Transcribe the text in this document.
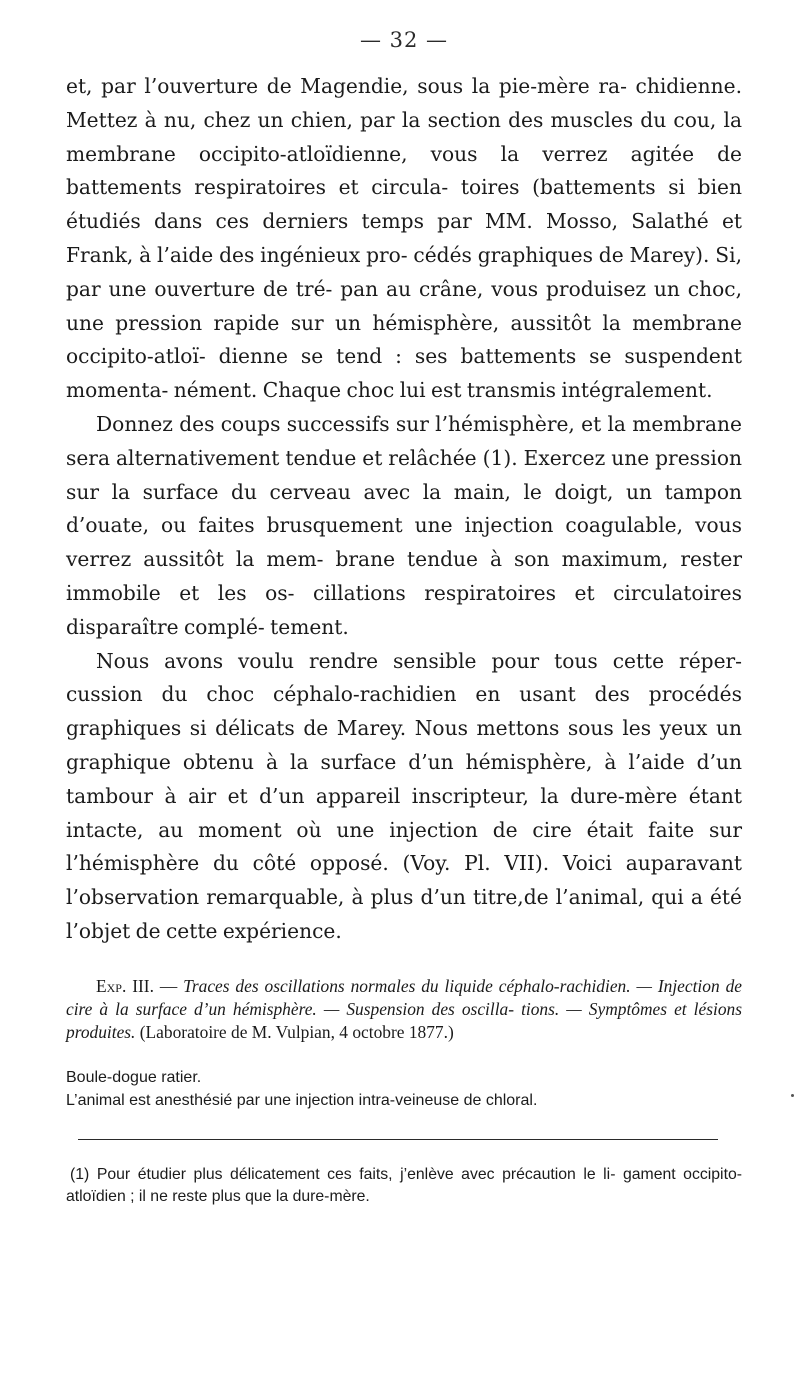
— 32 —

et, par l’ouverture de Magendie, sous la pie-mère ra- chidienne. Mettez à nu, chez un chien, par la section des muscles du cou, la membrane occipito-atloïdienne, vous la verrez agitée de battements respiratoires et circula- toires (battements si bien étudiés dans ces derniers temps par MM. Mosso, Salathé et Frank, à l’aide des ingénieux pro- cédés graphiques de Marey). Si, par une ouverture de tré- pan au crâne, vous produisez un choc, une pression rapide sur un hémisphère, aussitôt la membrane occipito-atloï- dienne se tend : ses battements se suspendent momenta- nément. Chaque choc lui est transmis intégralement.

Donnez des coups successifs sur l’hémisphère, et la membrane sera alternativement tendue et relâchée (1). Exercez une pression sur la surface du cerveau avec la main, le doigt, un tampon d’ouate, ou faites brusquement une injection coagulable, vous verrez aussitôt la mem- brane tendue à son maximum, rester immobile et les os- cillations respiratoires et circulatoires disparaître complé- tement.

Nous avons voulu rendre sensible pour tous cette réper- cussion du choc céphalo-rachidien en usant des procédés graphiques si délicats de Marey. Nous mettons sous les yeux un graphique obtenu à la surface d’un hémisphère, à l’aide d’un tambour à air et d’un appareil inscripteur, la dure-mère étant intacte, au moment où une injection de cire était faite sur l’hémisphère du côté opposé. (Voy. Pl. VII). Voici auparavant l’observation remarquable, à plus d’un titre,de l’animal, qui a été l’objet de cette expérience.

Exp. III. — Traces des oscillations normales du liquide céphalo-rachidien. — Injection de cire à la surface d’un hémisphère. — Suspension des oscilla- tions. — Symptômes et lésions produites. (Laboratoire de M. Vulpian, 4 octobre 1877.)

Boule-dogue ratier.

L’animal est anesthésié par une injection intra-veineuse de chloral.

(1) Pour étudier plus délicatement ces faits, j’enlève avec précaution le li- gament occipito-atloïdien ; il ne reste plus que la dure-mère.
